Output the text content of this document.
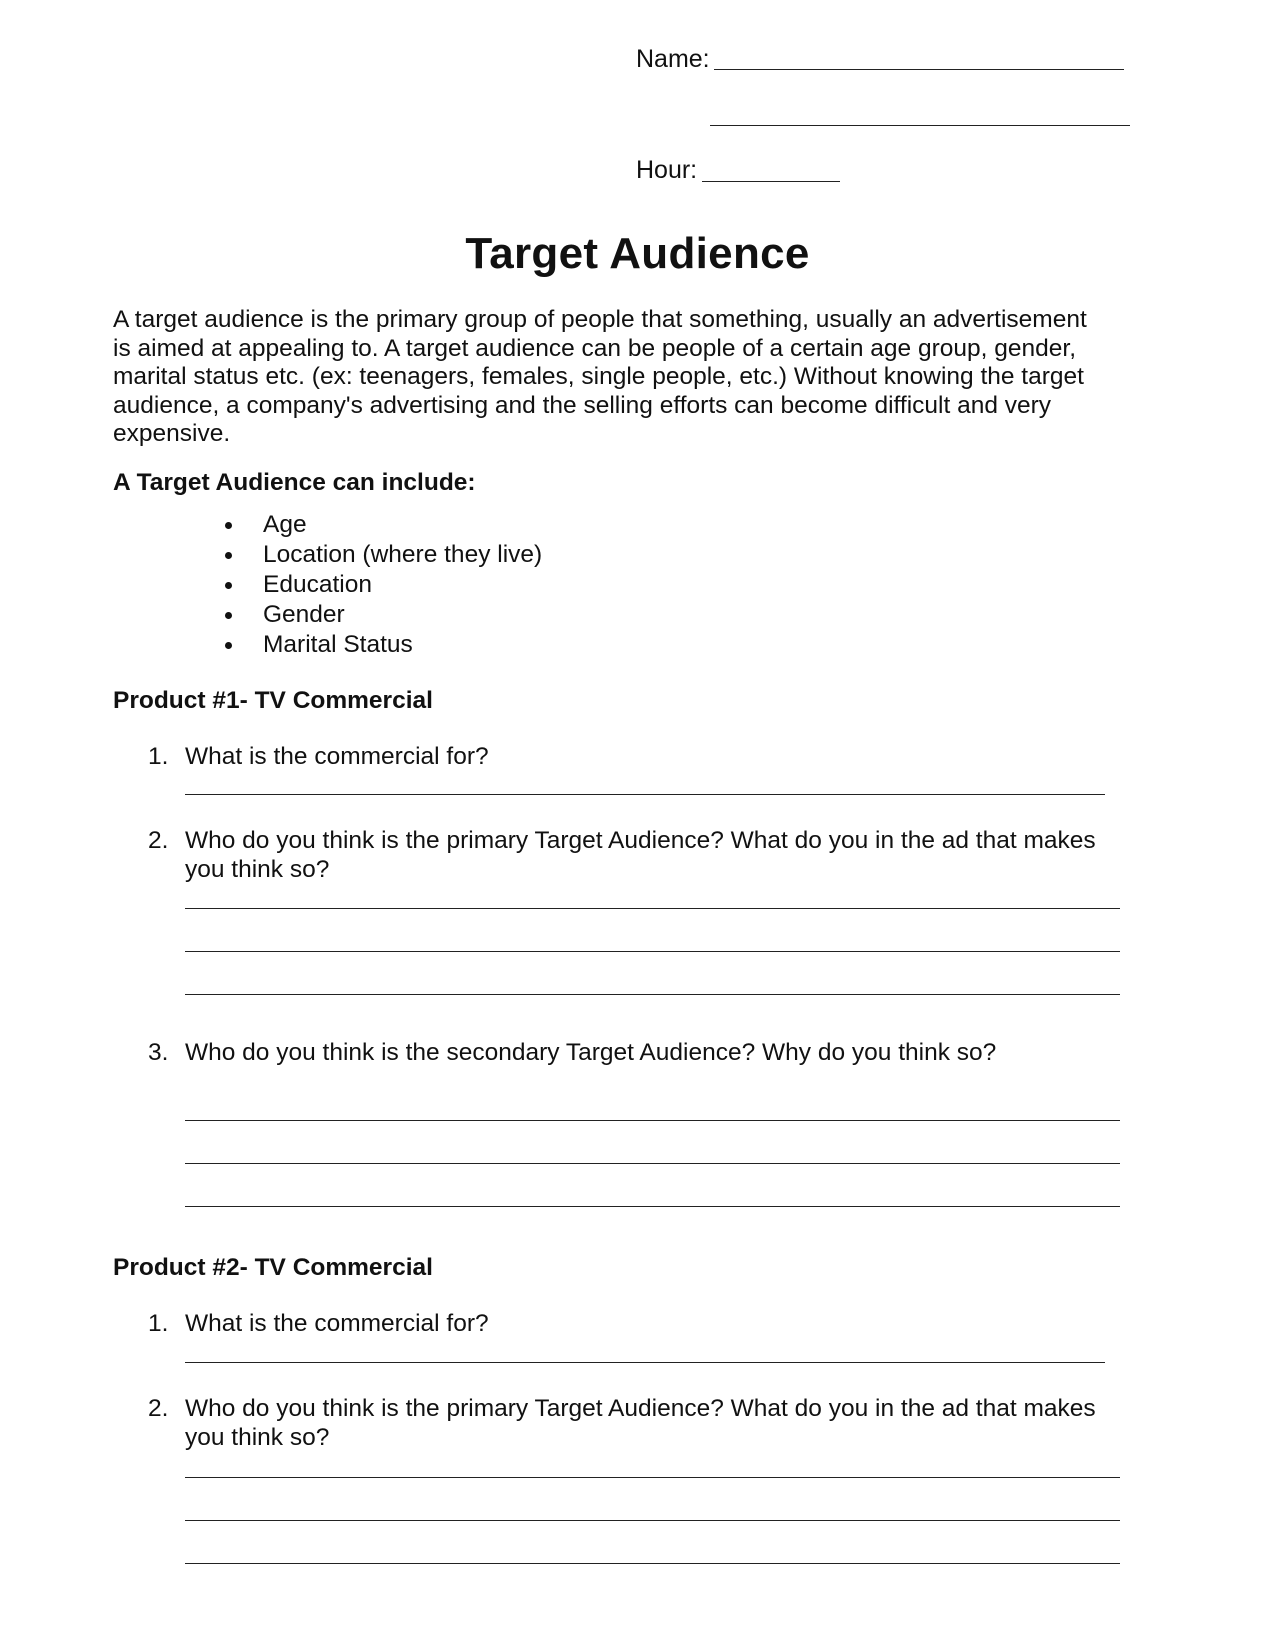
Name:
Hour:
Target Audience
A target audience is the primary group of people that something, usually an advertisement
is aimed at appealing to. A target audience can be people of a certain age group, gender,
marital status etc. (ex: teenagers, females, single people, etc.) Without knowing the target
audience, a company's advertising and the selling efforts can become difficult and very
expensive.
A Target Audience can include:
Age
Location (where they live)
Education
Gender
Marital Status
Product #1- TV Commercial
1. What is the commercial for?
2. Who do you think is the primary Target Audience? What do you in the ad that makes
you think so?
3. Who do you think is the secondary Target Audience? Why do you think so?
Product #2- TV Commercial
1. What is the commercial for?
2. Who do you think is the primary Target Audience? What do you in the ad that makes
you think so?
